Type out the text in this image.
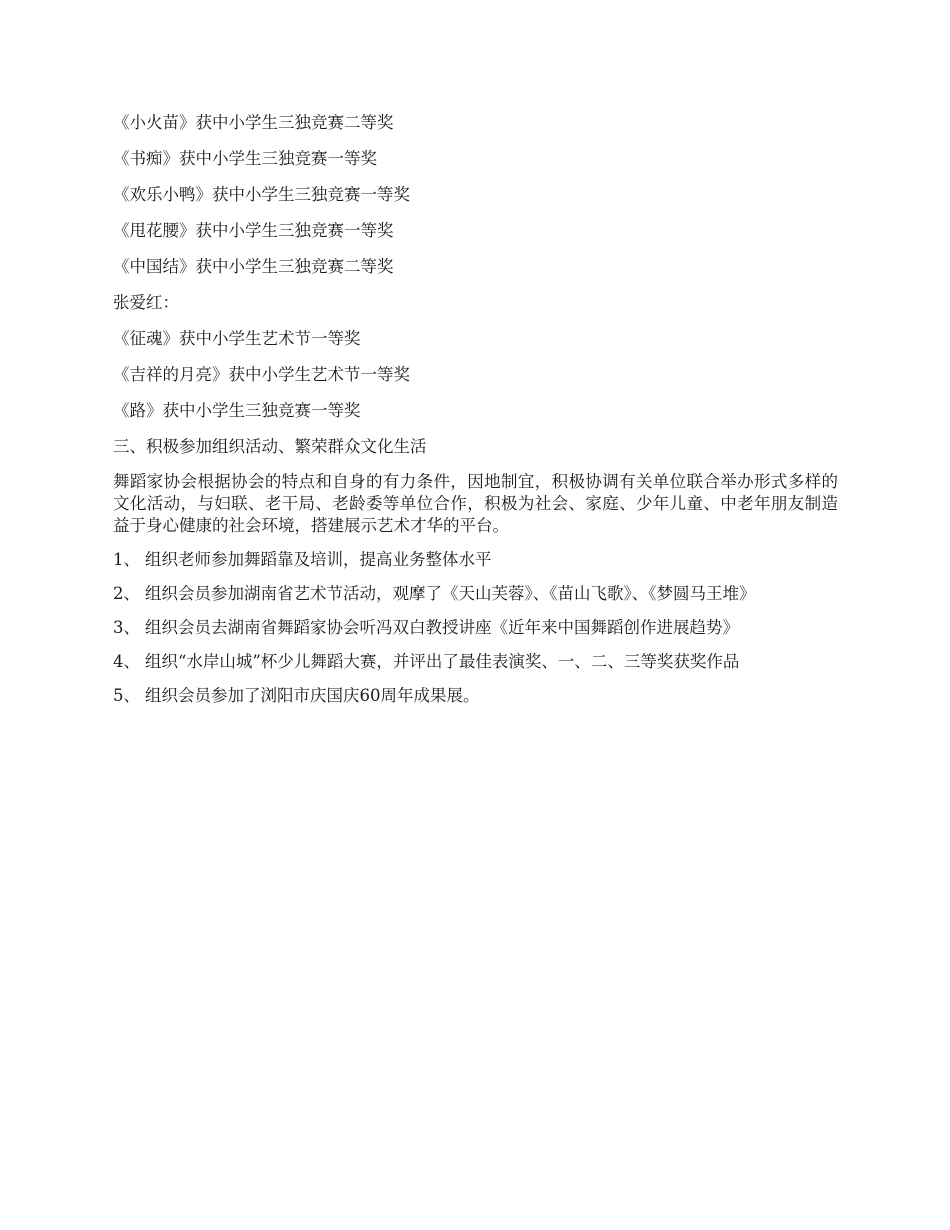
《小火苗》获中小学生三独竞赛二等奖
《书痴》获中小学生三独竞赛一等奖
《欢乐小鸭》获中小学生三独竞赛一等奖
《甩花腰》获中小学生三独竞赛一等奖
《中国结》获中小学生三独竞赛二等奖
张爱红：
《征魂》获中小学生艺术节一等奖
《吉祥的月亮》获中小学生艺术节一等奖
《路》获中小学生三独竞赛一等奖
三、积极参加组织活动、繁荣群众文化生活
舞蹈家协会根据协会的特点和自身的有力条件，因地制宜，积极协调有关单位联合举办形式多样的文化活动，与妇联、老干局、老龄委等单位合作，积极为社会、家庭、少年儿童、中老年朋友制造益于身心健康的社会环境，搭建展示艺术才华的平台。
1、 组织老师参加舞蹈靠及培训，提高业务整体水平
2、 组织会员参加湖南省艺术节活动，观摩了《天山芙蓉》、《苗山飞歌》、《梦圆马王堆》
3、 组织会员去湖南省舞蹈家协会听冯双白教授讲座《近年来中国舞蹈创作进展趋势》
4、 组织“水岸山城”杯少儿舞蹈大赛，并评出了最佳表演奖、一、二、三等奖获奖作品
5、 组织会员参加了浏阳市庆国庆60周年成果展。
